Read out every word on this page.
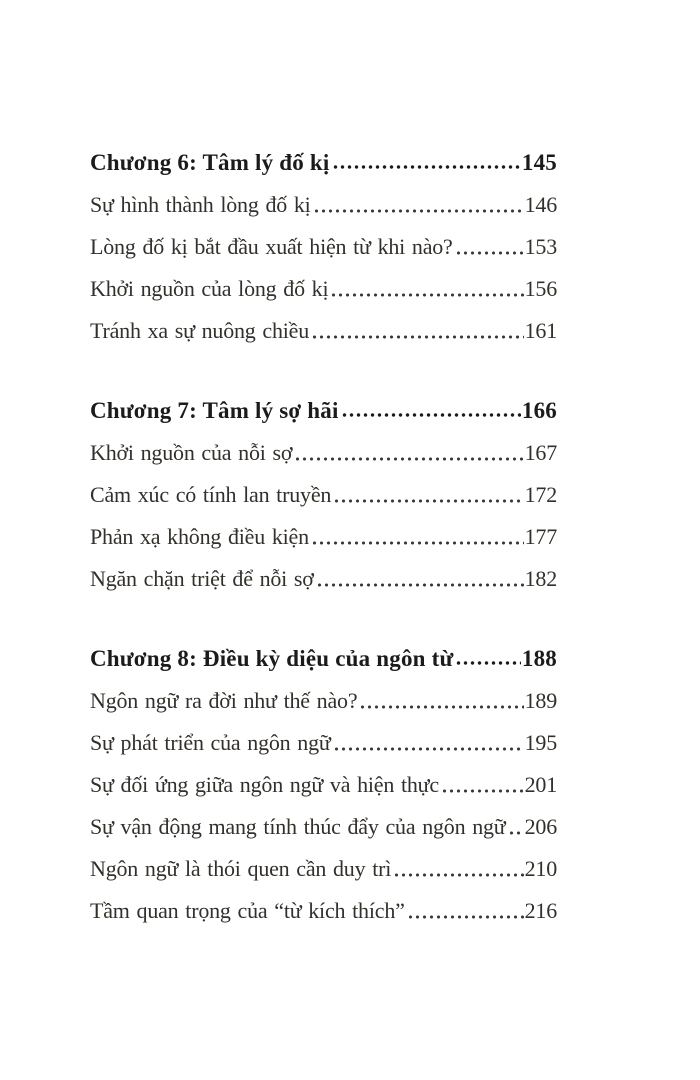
Chương 6: Tâm lý đố kị	145
Sự hình thành lòng đố kị	146
Lòng đố kị bắt đầu xuất hiện từ khi nào?	153
Khởi nguồn của lòng đố kị	156
Tránh xa sự nuông chiều	161
Chương 7: Tâm lý sợ hãi	166
Khởi nguồn của nỗi sợ	167
Cảm xúc có tính lan truyền	172
Phản xạ không điều kiện	177
Ngăn chặn triệt để nỗi sợ	182
Chương 8: Điều kỳ diệu của ngôn từ	188
Ngôn ngữ ra đời như thế nào?	189
Sự phát triển của ngôn ngữ	195
Sự đối ứng giữa ngôn ngữ và hiện thực	201
Sự vận động mang tính thúc đẩy của ngôn ngữ 206
Ngôn ngữ là thói quen cần duy trì	210
Tầm quan trọng của “từ kích thích”	216
